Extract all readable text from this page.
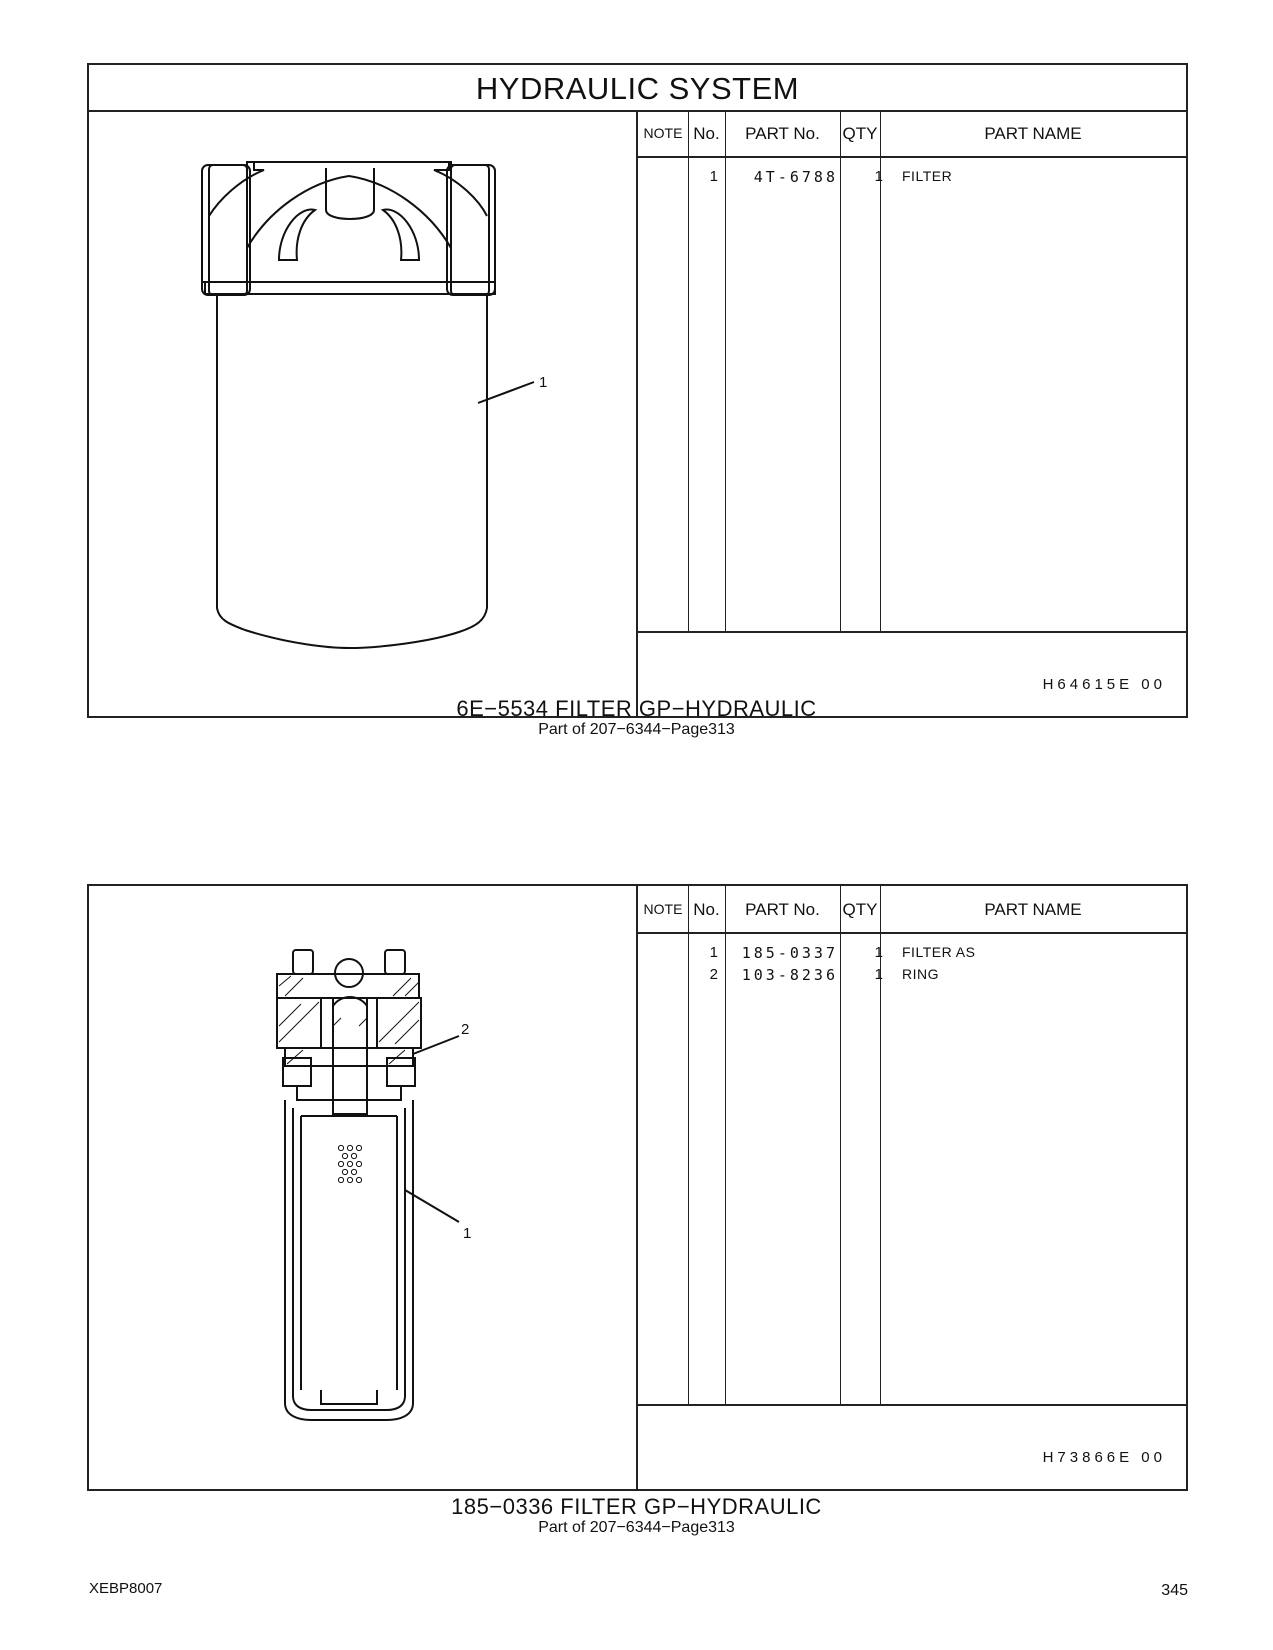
HYDRAULIC SYSTEM
1
NOTE No.	PART No.	QTY	PART NAME
1	4T-6788	1 FILTER
H64615E 00
6E−5534 FILTER GP−HYDRAULIC
Part of 207−6344−Page313
2
1
NOTE No.	PART No.	QTY	PART NAME
1 185-0337	1 FILTER AS
2 103-8236	1 RING
H73866E 00
185−0336 FILTER GP−HYDRAULIC
Part of 207−6344−Page313
XEBP8007	345
